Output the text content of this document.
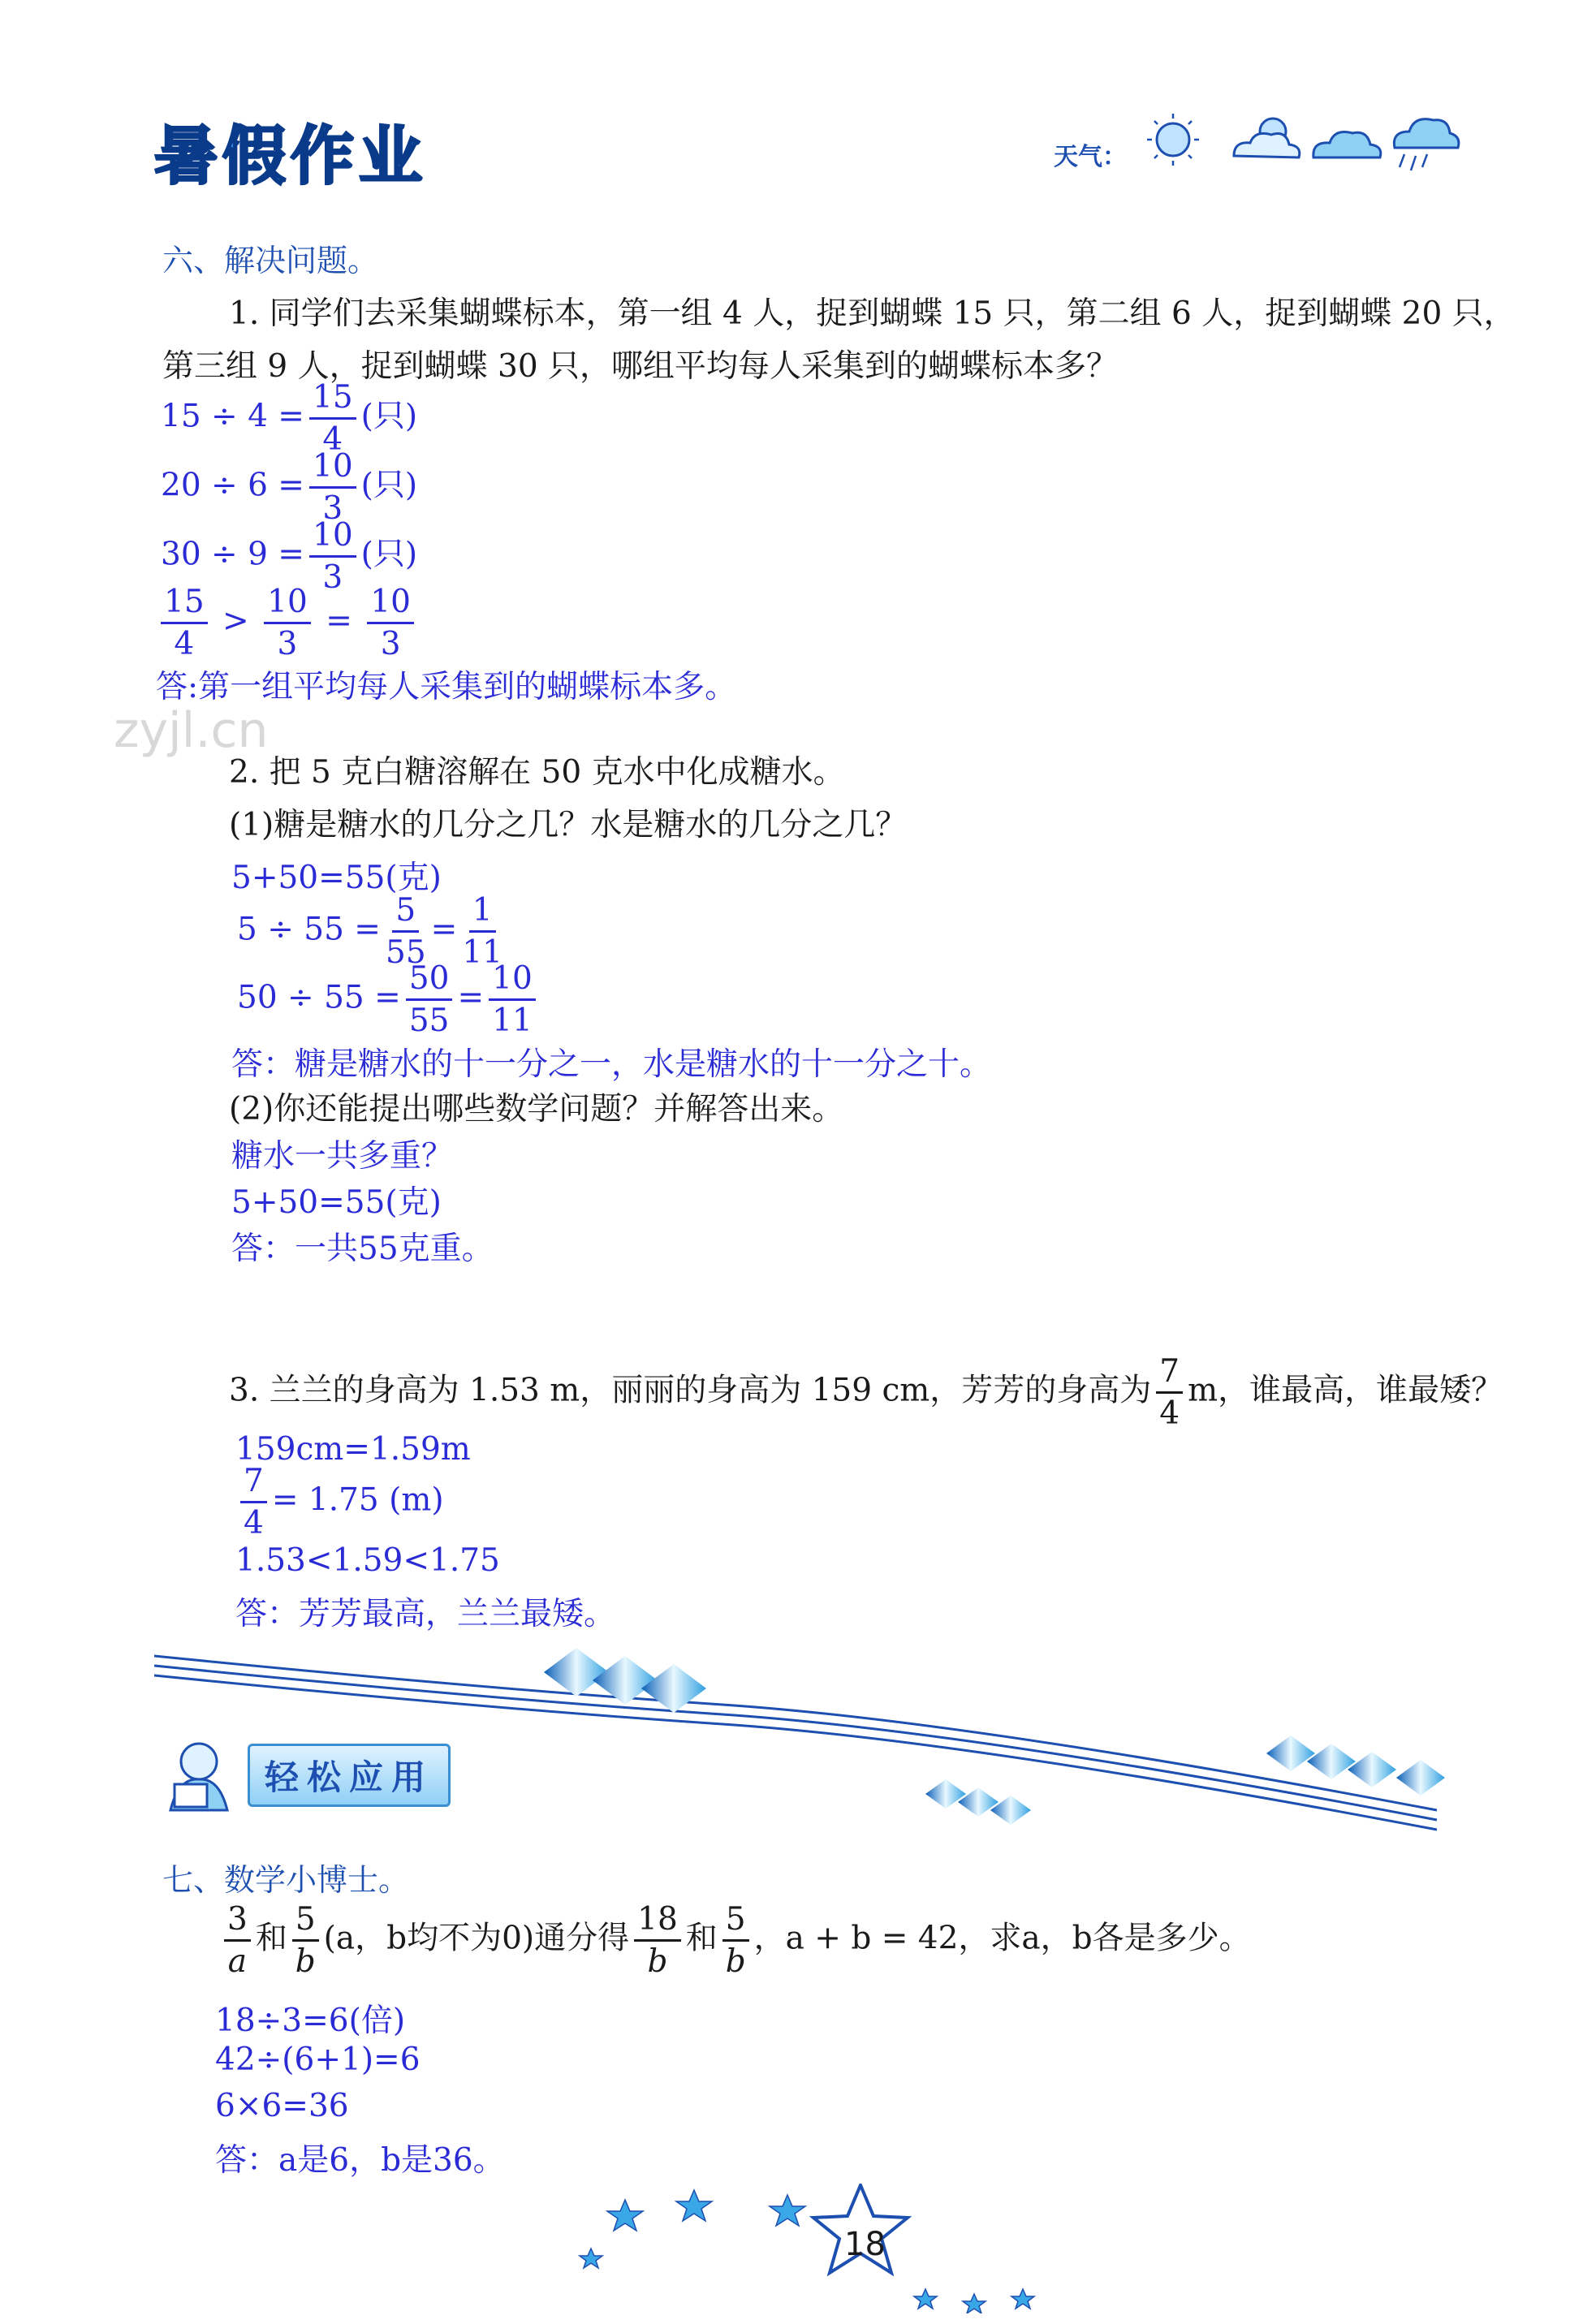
暑假作业	天气：
六、解决问题。
1. 同学们去采集蝴蝶标本，第一组 4 人，捉到蝴蝶 15 只，第二组 6 人，捉到蝴蝶 20 只，
第三组 9 人，捉到蝴蝶 30 只，哪组平均每人采集到的蝴蝶标本多？
$15 \div 4 = \frac{15}{4}$ (只)
$20 \div 6 = \frac{10}{3}$ (只)
$30 \div 9 = \frac{10}{3}$ (只)
$\frac{15}{4} > \frac{10}{3} = \frac{10}{3}$
答:第一组平均每人采集到的蝴蝶标本多。
zyjl.cn
2. 把 5 克白糖溶解在 50 克水中化成糖水。
(1)糖是糖水的几分之几？水是糖水的几分之几？
5+50=55(克)
$5 \div 55 = \frac{5}{55} = \frac{1}{11}$
$50 \div 55 = \frac{50}{55} = \frac{10}{11}$
答：糖是糖水的十一分之一，水是糖水的十一分之十。
(2)你还能提出哪些数学问题？并解答出来。
糖水一共多重？
5+50=55(克)
答：一共55克重。
3. 兰兰的身高为 1.53 m，丽丽的身高为 159 cm，芳芳的身高为 $\frac{7}{4}$ m，谁最高，谁最矮？
159cm=1.59m
$\frac{7}{4} = 1.75$ (m)
1.53<1.59<1.75
答：芳芳最高，兰兰最矮。
轻松应用
七、数学小博士。
$\frac{3}{a}$ 和 $\frac{5}{b} (a$，b均不为0)通分得 $\frac{18}{b}$ 和 $\frac{5}{b}$ ，a + b = 42，求a，b各是多少。
18÷3=6(倍)
42÷(6+1)=6
6×6=36
答：a是6，b是36。
18
